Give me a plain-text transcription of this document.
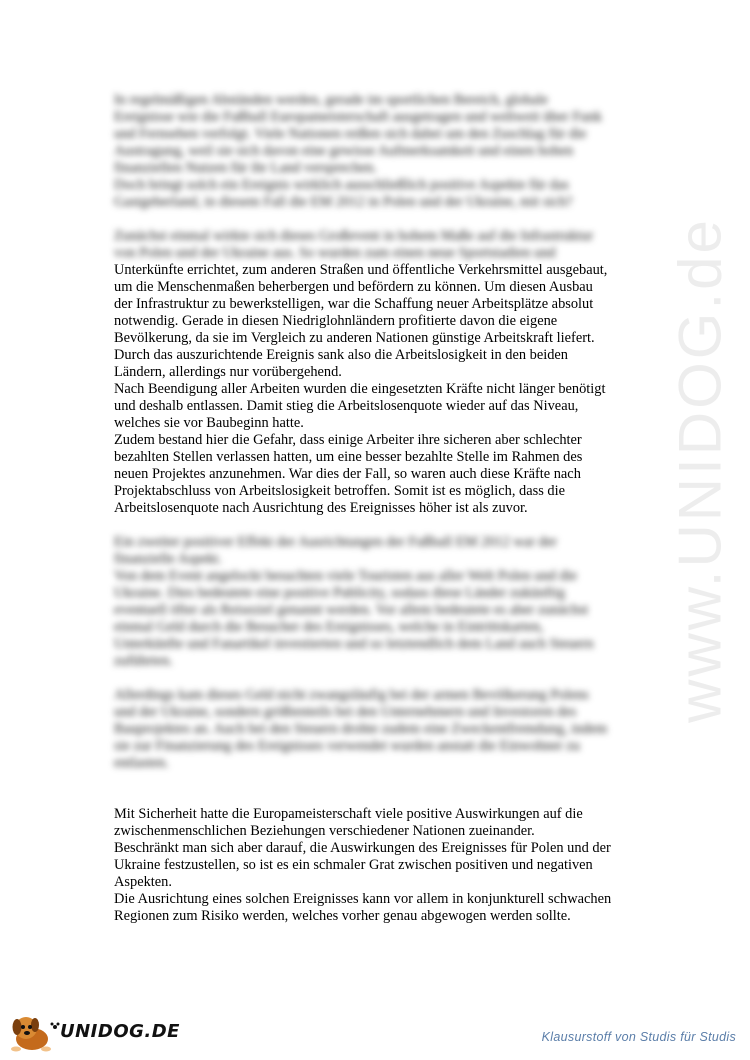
www.UNIDOG.de

In regelmäßigen Abständen werden, gerade im sportlichen Bereich, globale
Ereignisse wie die Fußball Europameisterschaft ausgetragen und weltweit über Funk
und Fernsehen verfolgt. Viele Nationen reißen sich dabei um den Zuschlag für die
Austragung, weil sie sich davon eine gewisse Aufmerksamkeit und einen hohen
finanziellen Nutzen für ihr Land versprechen.
Doch bringt solch ein Ereignis wirklich ausschließlich positive Aspekte für das
Gastgeberland, in diesem Fall die EM 2012 in Polen und der Ukraine, mit sich?

Zunächst einmal wirkte sich dieses Großevent in hohem Maße auf die Infrastruktur
von Polen und der Ukraine aus. So wurden zum einen neue Sportstadien und

Unterkünfte errichtet, zum anderen Straßen und öffentliche Verkehrsmittel ausgebaut,
um die Menschenmaßen beherbergen und befördern zu können. Um diesen Ausbau
der Infrastruktur zu bewerkstelligen, war die Schaffung neuer Arbeitsplätze absolut
notwendig. Gerade in diesen Niedriglohnländern profitierte davon die eigene
Bevölkerung, da sie im Vergleich zu anderen Nationen günstige Arbeitskraft liefert.
Durch das auszurichtende Ereignis sank also die Arbeitslosigkeit in den beiden
Ländern, allerdings nur vorübergehend.
Nach Beendigung aller Arbeiten wurden die eingesetzten Kräfte nicht länger benötigt
und deshalb entlassen. Damit stieg die Arbeitslosenquote wieder auf das Niveau,
welches sie vor Baubeginn hatte.
Zudem bestand hier die Gefahr, dass einige Arbeiter ihre sicheren aber schlechter
bezahlten Stellen verlassen hatten, um eine besser bezahlte Stelle im Rahmen des
neuen Projektes anzunehmen. War dies der Fall, so waren auch diese Kräfte nach
Projektabschluss von Arbeitslosigkeit betroffen. Somit ist es möglich, dass die
Arbeitslosenquote nach Ausrichtung des Ereignisses höher ist als zuvor.

Ein zweiter positiver Effekt der Ausrichtungen der Fußball EM 2012 war der
finanzielle Aspekt.
Von dem Event angelockt besuchten viele Touristen aus aller Welt Polen und die
Ukraine. Dies bedeutete eine positive Publicity, sodass diese Länder zukünftig
eventuell öfter als Reiseziel genannt werden. Vor allem bedeutete es aber zunächst
einmal Geld durch die Besucher des Ereignisses, welche in Eintrittskarten,
Unterkünfte und Fanartikel investierten und so letztendlich dem Land auch Steuern
zuführten.

Allerdings kam dieses Geld nicht zwangsläufig bei der armen Bevölkerung Polens
und der Ukraine, sondern größtenteils bei den Unternehmern und Investoren des
Bauprojektes an. Auch bei den Steuern drohte zudem eine Zweckentfremdung, indem
sie zur Finanzierung des Ereignisses verwendet wurden anstatt die Einwohner zu
entlasten.

Mit Sicherheit hatte die Europameisterschaft viele positive Auswirkungen auf die
zwischenmenschlichen Beziehungen verschiedener Nationen zueinander.
Beschränkt man sich aber darauf, die Auswirkungen des Ereignisses für Polen und der
Ukraine festzustellen, so ist es ein schmaler Grat zwischen positiven und negativen
Aspekten.
Die Ausrichtung eines solchen Ereignisses kann vor allem in konjunkturell schwachen
Regionen zum Risiko werden, welches vorher genau abgewogen werden sollte.

UNIDOG.DE	Klausurstoff von Studis für Studis
